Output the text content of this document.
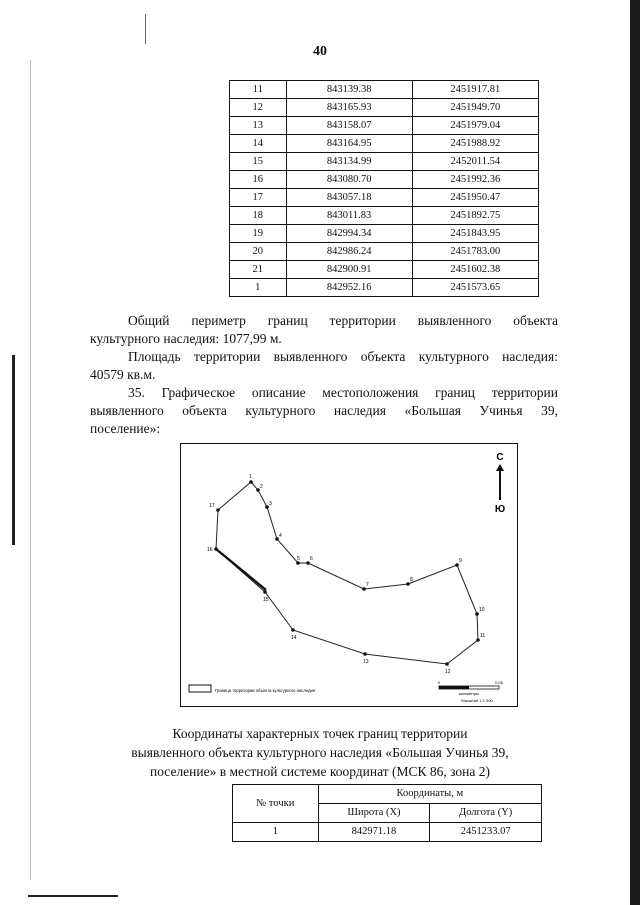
40
11	843139.38	2451917.81
12	843165.93	2451949.70
13	843158.07	2451979.04
14	843164.95	2451988.92
15	843134.99	2452011.54
16	843080.70	2451992.36
17	843057.18	2451950.47
18	843011.83	2451892.75
19	842994.34	2451843.95
20	842986.24	2451783.00
21	842900.91	2451602.38
1	842952.16	2451573.65
Общий периметр границ территории выявленного объекта
культурного наследия: 1077,99 м.
Площадь территории выявленного объекта культурного наследия:
40579 кв.м.
35. Графическое описание местоположения границ территории
выявленного объекта культурного наследия «Большая Учинья 39,
поселение»:
1
2
3
4
5 6
7
8
9
10
11
12
13
14
15
16
17
С
Ю
Граница территории объекта культурного наследия
0	0,05
километры
Масштаб 1:1 500
Координаты характерных точек границ территории
выявленного объекта культурного наследия «Большая Учинья 39,
поселение» в местной системе координат (МСК 86, зона 2)
№ точки	Координаты, м	
	Широта (X)	Долгота (Y)
1	842971.18	2451233.07
